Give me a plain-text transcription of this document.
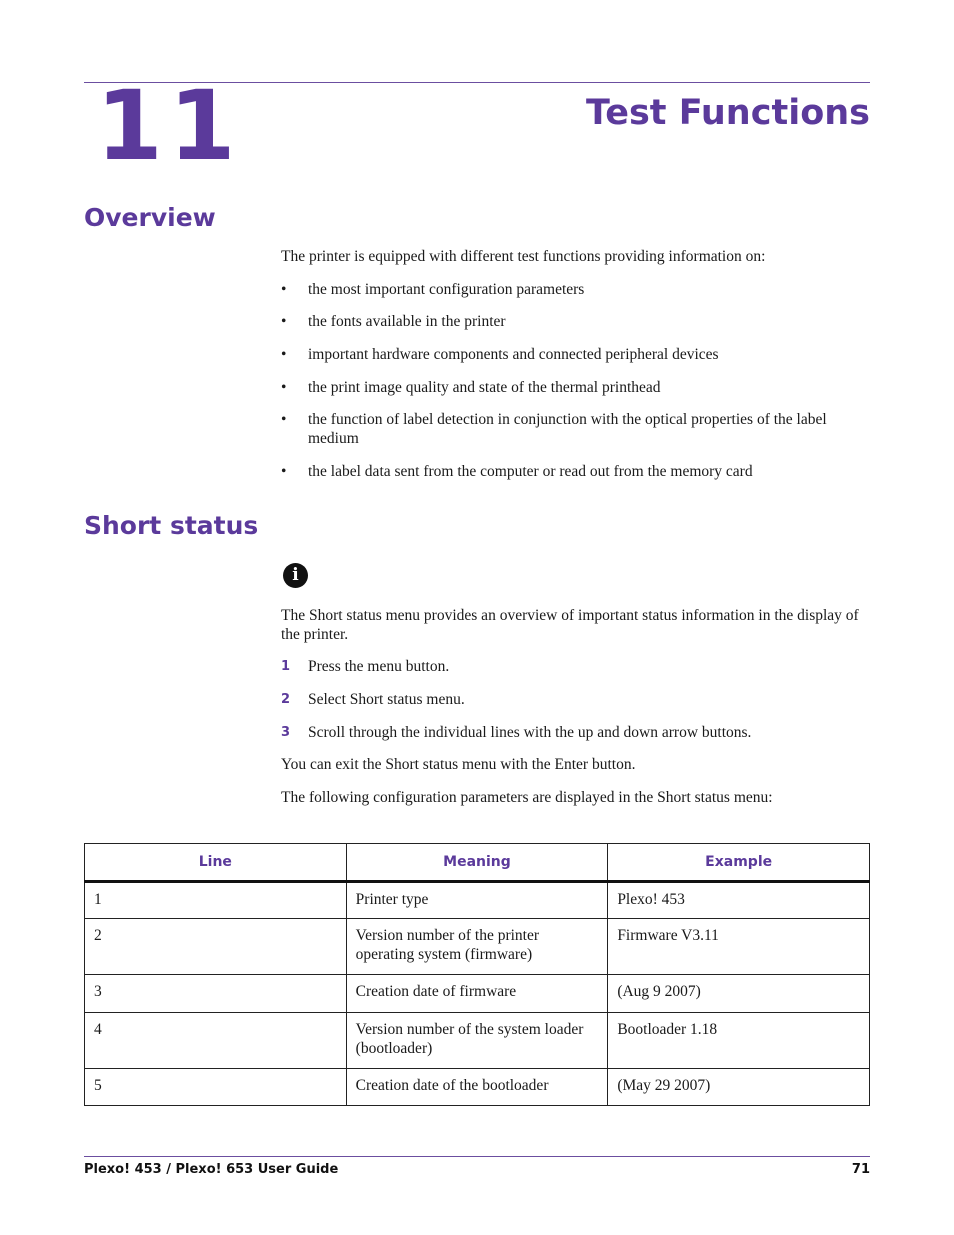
11	Test Functions
Overview

The printer is equipped with different test functions providing information on:

• the most important configuration parameters
• the fonts available in the printer
• important hardware components and connected peripheral devices
• the print image quality and state of the thermal printhead
• the function of label detection in conjunction with the optical properties of the label medium
• the label data sent from the computer or read out from the memory card
Short status
i

The Short status menu provides an overview of important status information in the display of the printer.

1 Press the menu button.
2 Select Short status menu.
3 Scroll through the individual lines with the up and down arrow buttons.

You can exit the Short status menu with the Enter button.

The following configuration parameters are displayed in the Short status menu:

Line	Meaning	Example
1	Printer type	Plexo! 453
2	Version number of the printer operating system (firmware)	Firmware V3.11
3	Creation date of firmware	(Aug 9 2007)
4	Version number of the system loader (bootloader)	Bootloader 1.18
5	Creation date of the bootloader	(May 29 2007)
Plexo! 453 / Plexo! 653 User Guide	71
